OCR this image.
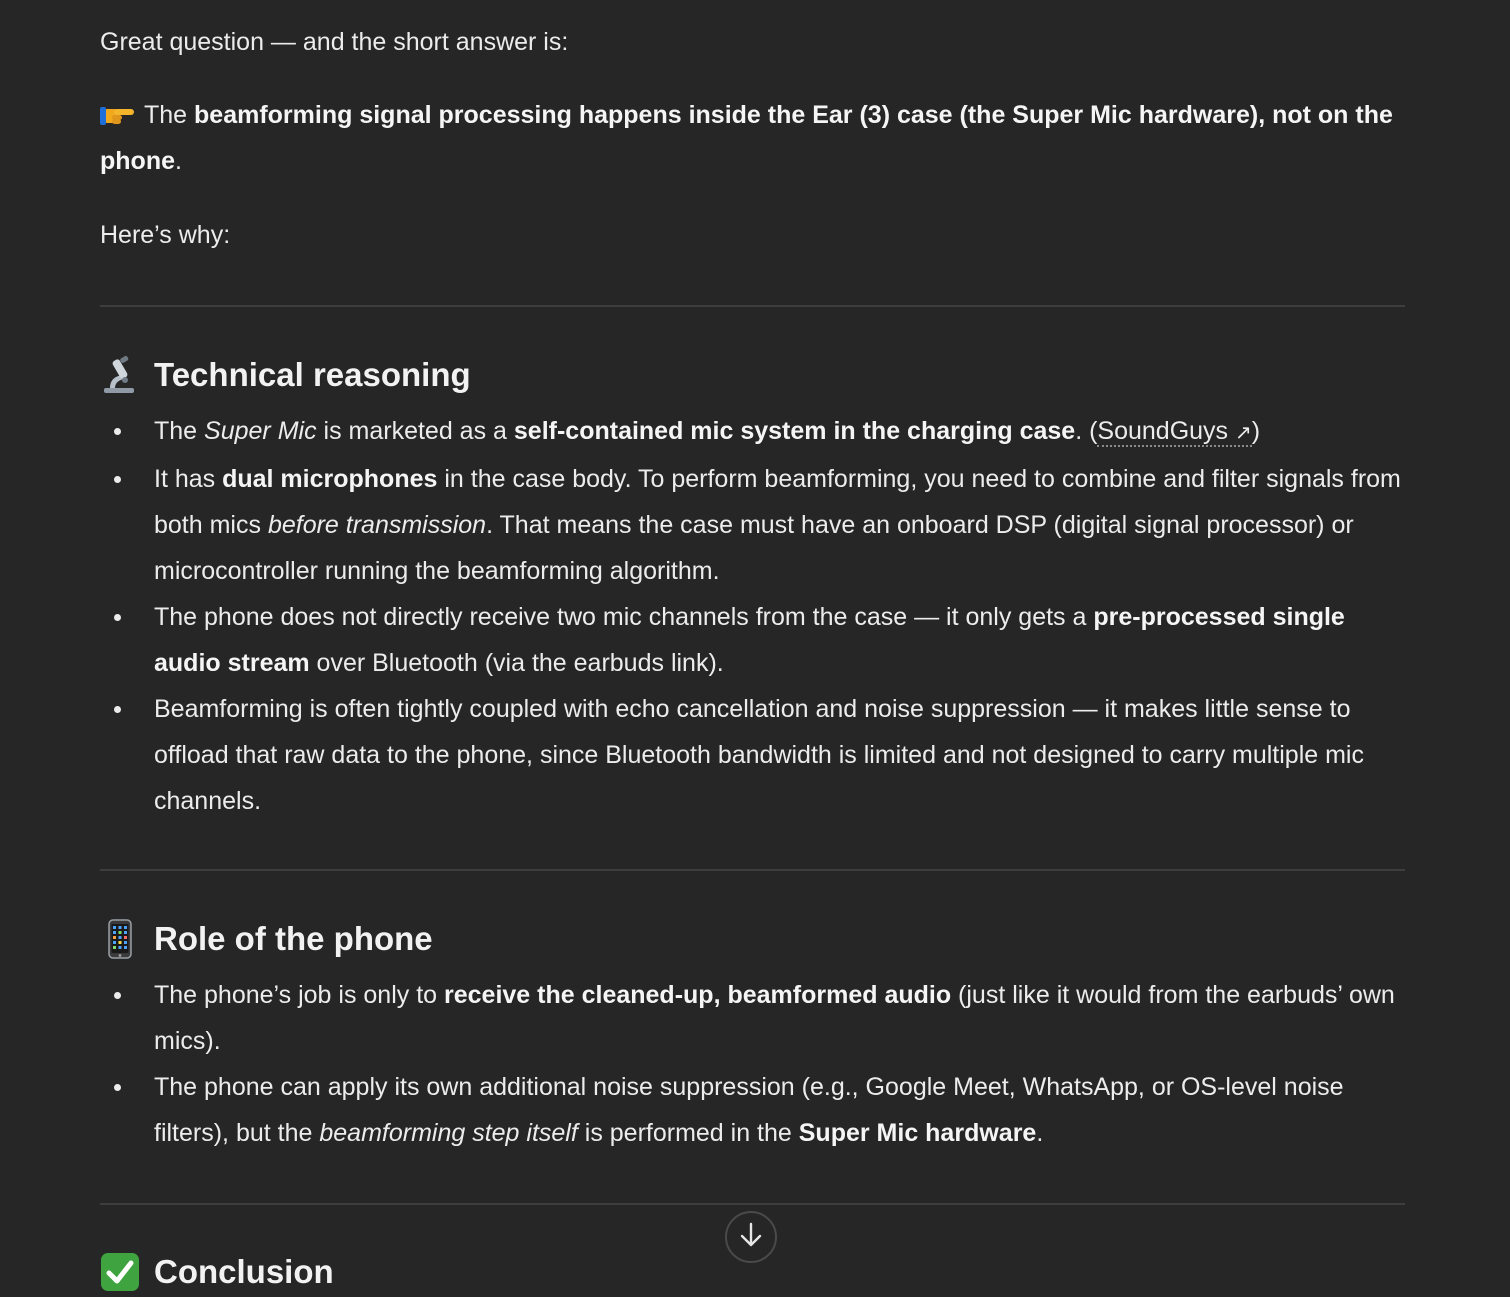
Great question — and the short answer is:

The beamforming signal processing happens inside the Ear (3) case (the Super Mic hardware), not on the phone.

Here’s why:

Technical reasoning
The Super Mic is marketed as a self-contained mic system in the charging case. (SoundGuys ↗)
It has dual microphones in the case body. To perform beamforming, you need to combine and filter signals from both mics before transmission. That means the case must have an onboard DSP (digital signal processor) or microcontroller running the beamforming algorithm.
The phone does not directly receive two mic channels from the case — it only gets a pre-processed single audio stream over Bluetooth (via the earbuds link).
Beamforming is often tightly coupled with echo cancellation and noise suppression — it makes little sense to offload that raw data to the phone, since Bluetooth bandwidth is limited and not designed to carry multiple mic channels.
Role of the phone
The phone’s job is only to receive the cleaned-up, beamformed audio (just like it would from the earbuds’ own mics).
The phone can apply its own additional noise suppression (e.g., Google Meet, WhatsApp, or OS-level noise filters), but the beamforming step itself is performed in the Super Mic hardware.
Conclusion
